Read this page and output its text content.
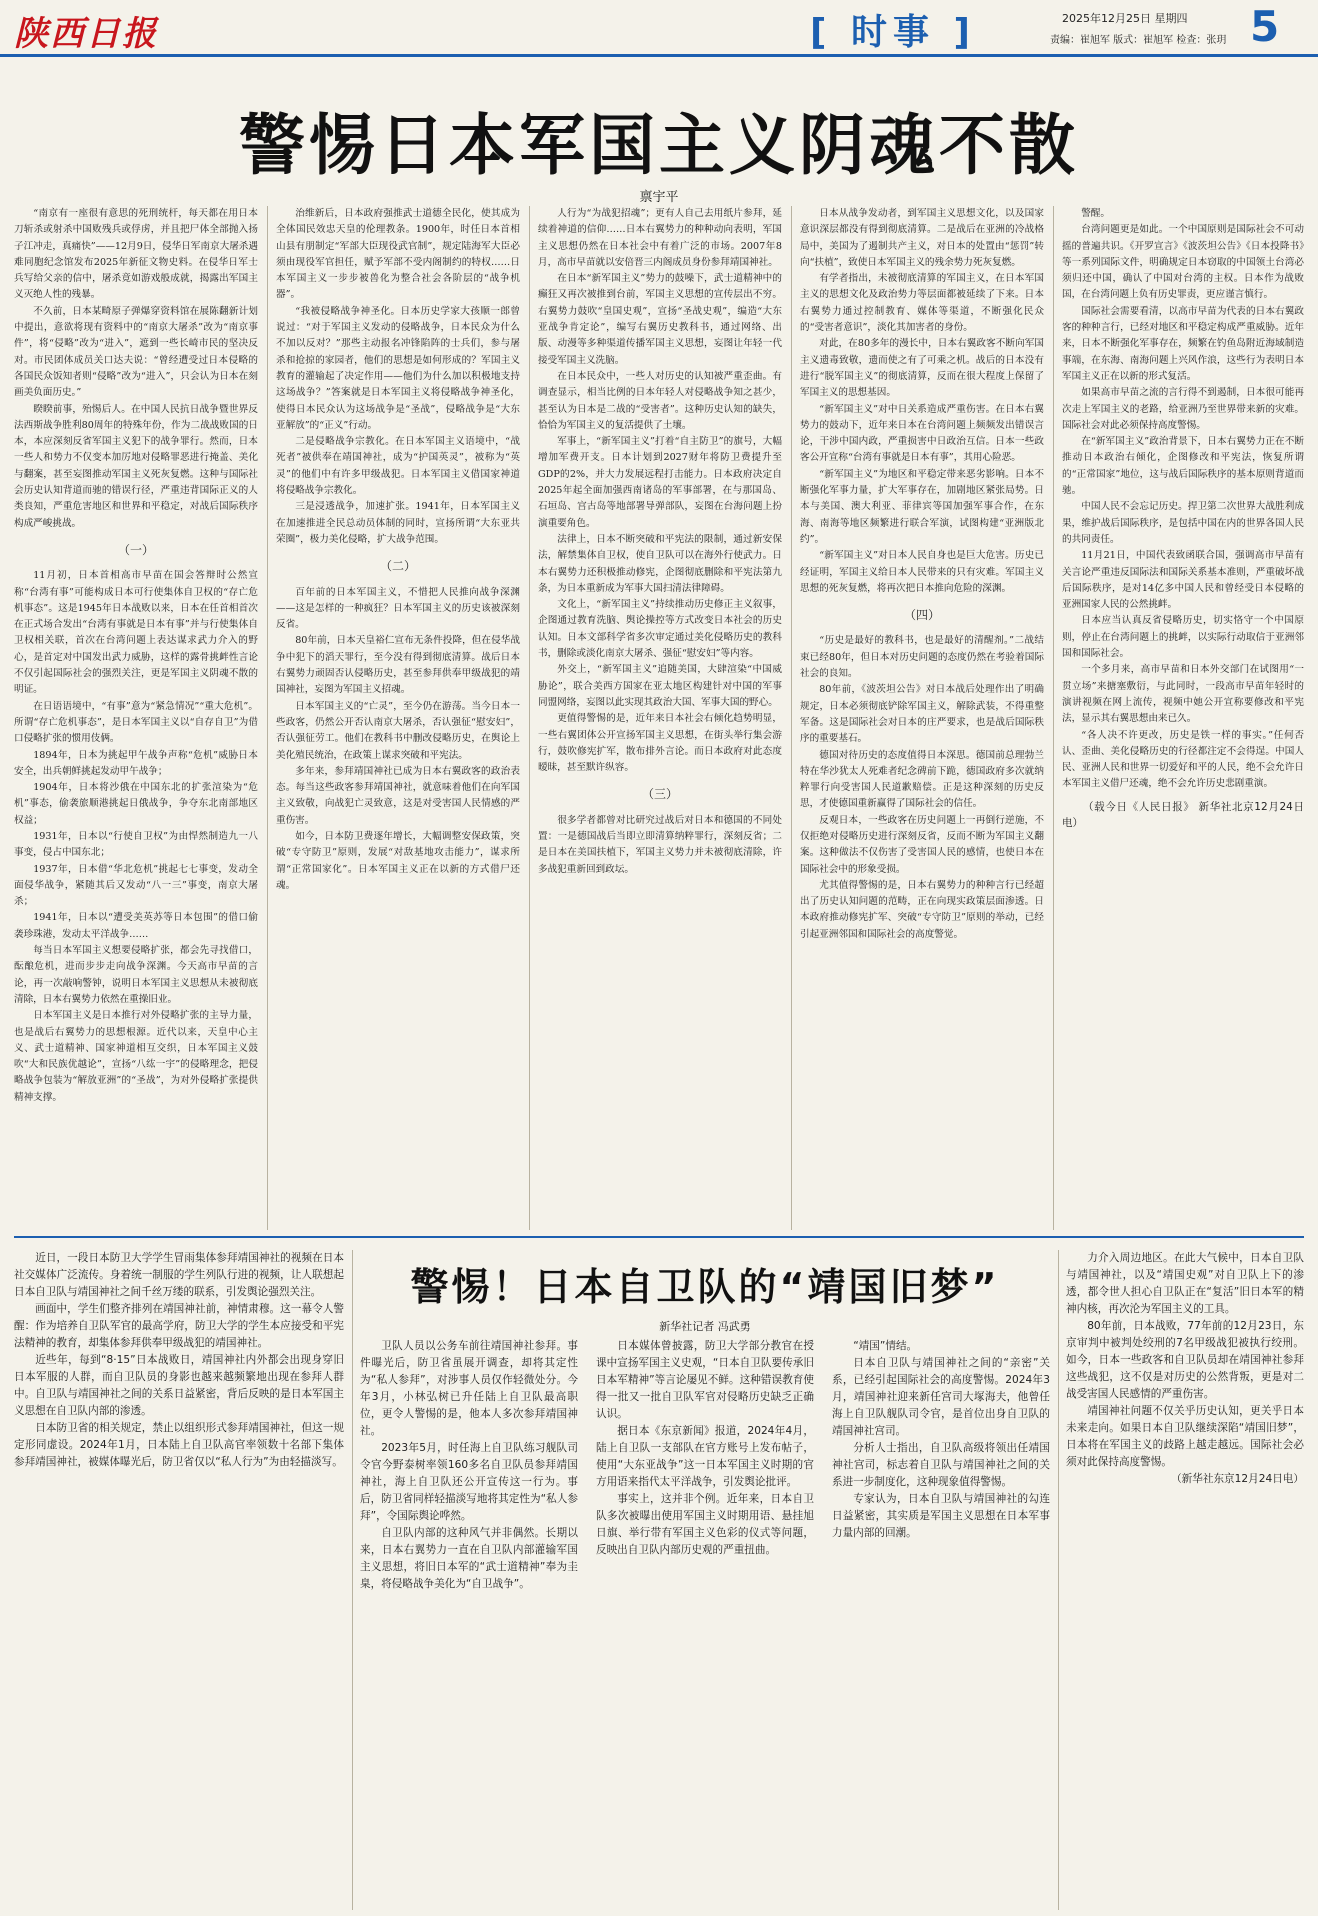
陕西日报	[ 时事 ]	2025年12月25日 星期四
责编：崔旭军 版式：崔旭军 检查：张玥 5
警惕日本军国主义阴魂不散
禀宇平

“南京有一座很有意思的死刑统杆，每天都在用日本刀斩杀或射杀中国败残兵或俘虏，并且把尸体全部抛入扬子江冲走，真痛快”——12月9日，侵华日军南京大屠杀遇难同胞纪念馆发布2025年新征文物史料。在侵华日军士兵写给父亲的信中，屠杀竟如游戏般成就，揭露出军国主义灭绝人性的残暴。

不久前，日本某畸原子弹爆穿资料馆在展陈翻新计划中提出，意欲将现有资料中的“南京大屠杀”改为“南京事件”，将“侵略”改为“进入”，遮到一些长崎市民的坚决反对。市民团体成员关口达夫说：“曾经遭受过日本侵略的各国民众饭知者则“侵略”改为“进入”，只会认为日本在刻画美负面历史。”

睽睽前事，殆惕后人。在中国人民抗日战争暨世界反法西斯战争胜利80周年的特殊年份，作为二战战败国的日本，本应深刻反省军国主义犯下的战争罪行。然而，日本一些人和势力不仅变本加厉地对侵略罪恶进行掩盖、美化与翻案，甚至妄图推动军国主义死灰复燃。这种与国际社会历史认知背道而驰的错误行径，严重违背国际正义的人类良知，严重危害地区和世界和平稳定，对战后国际秩序构成严峻挑战。

（一）

11月初，日本首相高市早苗在国会答辩时公然宣称“台湾有事”可能构成日本可行使集体自卫权的“存亡危机事态”。这是1945年日本战败以来，日本在任首相首次在正式场合发出“台湾有事就是日本有事”并与行使集体自卫权相关联，首次在台湾问题上表达谋求武力介入的野心，是首定对中国发出武力威胁，这样的露骨挑衅性言论不仅引起国际社会的强烈关注，更是军国主义阴魂不散的明证。

在日语语境中，“有事”意为“紧急情况”“重大危机”。所谓“存亡危机事态”，是日本军国主义以“自存自卫”为借口侵略扩张的惯用伎俩。

1894年，日本为挑起甲午战争声称“危机”威胁日本安全，出兵朝鲜挑起发动甲午战争；

1904年，日本将沙俄在中国东北的扩张渲染为“危机”事态，偷袭旅顺港挑起日俄战争，争夺东北南部地区权益；

1931年，日本以“行使自卫权”为由悍然制造九一八事变，侵占中国东北；

1937年，日本借“华北危机”挑起七七事变，发动全面侵华战争，紧随其后又发动“八一三”事变，南京大屠杀；

1941年，日本以“遭受美英苏等日本包围”的借口偷袭珍珠港，发动太平洋战争……

每当日本军国主义想要侵略扩张，都会先寻找借口，酝酿危机，进而步步走向战争深渊。今天高市早苗的言论，再一次敲响警钟，说明日本军国主义思想从未被彻底清除，日本右翼势力依然在重操旧业。

日本军国主义是日本推行对外侵略扩张的主导力量，也是战后右翼势力的思想根源。近代以来，天皇中心主义、武士道精神、国家神道相互交织，日本军国主义鼓吹“大和民族优越论”，宣扬“八纮一宇”的侵略理念，把侵略战争包装为“解放亚洲”的“圣战”，为对外侵略扩张提供精神支撑。

治维新后，日本政府强推武士道德全民化，使其成为全体国民效忠天皇的伦理教条。1900年，时任日本首相山县有朋制定“军部大臣现役武官制”，规定陆海军大臣必须由现役军官担任，赋予军部不受内阁制约的特权……日本军国主义一步步被兽化为整合社会各阶层的“战争机器”。

“我被侵略战争神圣化。日本历史学家大孩顺一郎曾说过：“对于军国主义发动的侵略战争，日本民众为什么不加以反对？”那些主动报名冲锋陷阵的士兵们，参与屠杀和抢掠的家园者，他们的思想是如何形成的？军国主义教育的灌输起了决定作用——他们为什么加以积极地支持这场战争？”答案就是日本军国主义将侵略战争神圣化，使得日本民众认为这场战争是“圣战”，侵略战争是“大东亚解放”的“正义”行动。

二是侵略战争宗教化。在日本军国主义语境中，“战死者”被供奉在靖国神社，成为“护国英灵”，被称为“英灵”的他们中有许多甲级战犯。日本军国主义借国家神道将侵略战争宗教化。

三是浸透战争，加速扩张。1941年，日本军国主义在加速推进全民总动员体制的同时，宣扬所谓“大东亚共荣圈”，极力美化侵略，扩大战争范围。

（二）

百年前的日本军国主义，不惜把人民推向战争深渊——这是怎样的一种疯狂？日本军国主义的历史该被深刻反省。

80年前，日本天皇裕仁宣布无条件投降，但在侵华战争中犯下的滔天罪行，至今没有得到彻底清算。战后日本右翼势力顽固否认侵略历史，甚至参拜供奉甲级战犯的靖国神社，妄图为军国主义招魂。

日本军国主义的“亡灵”，至今仍在游荡。当今日本一些政客，仍然公开否认南京大屠杀，否认强征“慰安妇”，否认强征劳工。他们在教科书中删改侵略历史，在舆论上美化殖民统治，在政策上谋求突破和平宪法。

多年来，参拜靖国神社已成为日本右翼政客的政治表态。每当这些政客参拜靖国神社，就意味着他们在向军国主义致敬，向战犯亡灵致意，这是对受害国人民情感的严重伤害。

如今，日本防卫费逐年增长，大幅调整安保政策，突破“专守防卫”原则，发展“对敌基地攻击能力”，谋求所谓“正常国家化”。日本军国主义正在以新的方式借尸还魂。

人行为“为战犯招魂”；更有人自己去用纸片参拜，延续着神道的信仰……日本右翼势力的种种动向表明，军国主义思想仍然在日本社会中有着广泛的市场。2007年8月，高市早苗就以安倍晋三内阁成员身份参拜靖国神社。

在日本“新军国主义”势力的鼓噪下，武士道精神中的癫狂又再次被推到台前，军国主义思想的宣传层出不穷。右翼势力鼓吹“皇国史观”，宣扬“圣战史观”，编造“大东亚战争肯定论”，编写右翼历史教科书，通过网络、出版、动漫等多种渠道传播军国主义思想，妄图让年轻一代接受军国主义洗脑。

在日本民众中，一些人对历史的认知被严重歪曲。有调查显示，相当比例的日本年轻人对侵略战争知之甚少，甚至认为日本是二战的“受害者”。这种历史认知的缺失，恰恰为军国主义的复活提供了土壤。

军事上，“新军国主义”打着“自主防卫”的旗号，大幅增加军费开支。日本计划到2027财年将防卫费提升至GDP的2%，并大力发展远程打击能力。日本政府决定自2025年起全面加强西南诸岛的军事部署，在与那国岛、石垣岛、宫古岛等地部署导弹部队，妄图在台海问题上扮演重要角色。

法律上，日本不断突破和平宪法的限制，通过新安保法，解禁集体自卫权，使自卫队可以在海外行使武力。日本右翼势力还积极推动修宪，企图彻底删除和平宪法第九条，为日本重新成为军事大国扫清法律障碍。

文化上，“新军国主义”持续推动历史修正主义叙事，企图通过教育洗脑、舆论操控等方式改变日本社会的历史认知。日本文部科学省多次审定通过美化侵略历史的教科书，删除或淡化南京大屠杀、强征“慰安妇”等内容。

外交上，“新军国主义”追随美国，大肆渲染“中国威胁论”，联合美西方国家在亚太地区构建针对中国的军事同盟网络，妄图以此实现其政治大国、军事大国的野心。

更值得警惕的是，近年来日本社会右倾化趋势明显，一些右翼团体公开宣扬军国主义思想，在街头举行集会游行，鼓吹修宪扩军，散布排外言论。而日本政府对此态度暧昧，甚至默许纵容。

（三）

很多学者都曾对比研究过战后对日本和德国的不同处置：一是德国战后当即立即清算纳粹罪行，深刻反省；二是日本在美国扶植下，军国主义势力并未被彻底清除，许多战犯重新回到政坛。

日本从战争发动者，到军国主义思想文化，以及国家意识深层都没有得到彻底清算。二是战后在亚洲的冷战格局中，美国为了遏制共产主义，对日本的处置由“惩罚”转向“扶植”，致使日本军国主义的残余势力死灰复燃。

有学者指出，未被彻底清算的军国主义，在日本军国主义的思想文化及政治势力等层面都被延续了下来。日本右翼势力通过控制教育、媒体等渠道，不断强化民众的“受害者意识”，淡化其加害者的身份。

对此，在80多年的漫长中，日本右翼政客不断向军国主义遗毒致敬，遗而使之有了可乘之机。战后的日本没有进行“脱军国主义”的彻底清算，反而在很大程度上保留了军国主义的思想基因。

“新军国主义”对中日关系造成严重伤害。在日本右翼势力的鼓动下，近年来日本在台湾问题上频频发出错误言论，干涉中国内政，严重损害中日政治互信。日本一些政客公开宣称“台湾有事就是日本有事”，其用心险恶。

“新军国主义”为地区和平稳定带来恶劣影响。日本不断强化军事力量，扩大军事存在，加剧地区紧张局势。日本与美国、澳大利亚、菲律宾等国加强军事合作，在东海、南海等地区频繁进行联合军演，试图构建“亚洲版北约”。

“新军国主义”对日本人民自身也是巨大危害。历史已经证明，军国主义给日本人民带来的只有灾难。军国主义思想的死灰复燃，将再次把日本推向危险的深渊。

（四）

“历史是最好的教科书，也是最好的清醒剂。”二战结束已经80年，但日本对历史问题的态度仍然在考验着国际社会的良知。

80年前，《波茨坦公告》对日本战后处理作出了明确规定，日本必须彻底铲除军国主义，解除武装，不得重整军备。这是国际社会对日本的庄严要求，也是战后国际秩序的重要基石。

德国对待历史的态度值得日本深思。德国前总理勃兰特在华沙犹太人死难者纪念碑前下跪，德国政府多次就纳粹罪行向受害国人民道歉赔偿。正是这种深刻的历史反思，才使德国重新赢得了国际社会的信任。

反观日本，一些政客在历史问题上一再倒行逆施，不仅拒绝对侵略历史进行深刻反省，反而不断为军国主义翻案。这种做法不仅伤害了受害国人民的感情，也使日本在国际社会中的形象受损。

尤其值得警惕的是，日本右翼势力的种种言行已经超出了历史认知问题的范畴，正在向现实政策层面渗透。日本政府推动修宪扩军、突破“专守防卫”原则的举动，已经引起亚洲邻国和国际社会的高度警觉。

警醒。

台湾问题更是如此。一个中国原则是国际社会不可动摇的普遍共识。《开罗宣言》《波茨坦公告》《日本投降书》等一系列国际文件，明确规定日本窃取的中国领土台湾必须归还中国，确认了中国对台湾的主权。日本作为战败国，在台湾问题上负有历史罪责，更应谨言慎行。

国际社会需要看清，以高市早苗为代表的日本右翼政客的种种言行，已经对地区和平稳定构成严重威胁。近年来，日本不断强化军事存在，频繁在钓鱼岛附近海域制造事端，在东海、南海问题上兴风作浪，这些行为表明日本军国主义正在以新的形式复活。

如果高市早苗之流的言行得不到遏制，日本很可能再次走上军国主义的老路，给亚洲乃至世界带来新的灾难。国际社会对此必须保持高度警惕。

在“新军国主义”政治背景下，日本右翼势力正在不断推动日本政治右倾化，企图修改和平宪法，恢复所谓的“正常国家”地位，这与战后国际秩序的基本原则背道而驰。

中国人民不会忘记历史。捍卫第二次世界大战胜利成果，维护战后国际秩序，是包括中国在内的世界各国人民的共同责任。

11月21日，中国代表致函联合国，强调高市早苗有关言论严重违反国际法和国际关系基本准则，严重破坏战后国际秩序，是对14亿多中国人民和曾经受日本侵略的亚洲国家人民的公然挑衅。

日本应当认真反省侵略历史，切实恪守一个中国原则，停止在台湾问题上的挑衅，以实际行动取信于亚洲邻国和国际社会。

一个多月来，高市早苗和日本外交部门在试图用“一贯立场”来搪塞敷衍，与此同时，一段高市早苗年轻时的演讲视频在网上流传，视频中她公开宣称要修改和平宪法，显示其右翼思想由来已久。

“各人决不许更改，历史是铁一样的事实。”任何否认、歪曲、美化侵略历史的行径都注定不会得逞。中国人民、亚洲人民和世界一切爱好和平的人民，绝不会允许日本军国主义借尸还魂，绝不会允许历史悲剧重演。

（载今日《人民日报》 新华社北京12月24日电）

近日，一段日本防卫大学学生冒雨集体参拜靖国神社的视频在日本社交媒体广泛流传。身着统一制服的学生列队行进的视频，让人联想起日本自卫队与靖国神社之间千丝万缕的联系，引发舆论强烈关注。

画面中，学生们整齐排列在靖国神社前，神情肃穆。这一幕令人警醒：作为培养自卫队军官的最高学府，防卫大学的学生本应接受和平宪法精神的教育，却集体参拜供奉甲级战犯的靖国神社。

近些年，每到“8·15”日本战败日，靖国神社内外都会出现身穿旧日本军服的人群，而自卫队员的身影也越来越频繁地出现在参拜人群中。自卫队与靖国神社之间的关系日益紧密，背后反映的是日本军国主义思想在自卫队内部的渗透。

日本防卫省的相关规定，禁止以组织形式参拜靖国神社，但这一规定形同虚设。2024年1月，日本陆上自卫队高官率领数十名部下集体参拜靖国神社，被媒体曝光后，防卫省仅以“私人行为”为由轻描淡写。

警惕！日本自卫队的“靖国旧梦”
新华社记者 冯武勇

卫队人员以公务车前往靖国神社参拜。事件曝光后，防卫省虽展开调查，却将其定性为“私人参拜”，对涉事人员仅作轻微处分。今年3月，小林弘树已升任陆上自卫队最高职位，更令人警惕的是，他本人多次参拜靖国神社。

2023年5月，时任海上自卫队练习舰队司令官今野泰树率领160多名自卫队员参拜靖国神社，海上自卫队还公开宣传这一行为。事后，防卫省同样轻描淡写地将其定性为“私人参拜”，令国际舆论哗然。

自卫队内部的这种风气并非偶然。长期以来，日本右翼势力一直在自卫队内部灌输军国主义思想，将旧日本军的“武士道精神”奉为圭臬，将侵略战争美化为“自卫战争”。

日本媒体曾披露，防卫大学部分教官在授课中宣扬军国主义史观，“日本自卫队要传承旧日本军精神”等言论屡见不鲜。这种错误教育使得一批又一批自卫队军官对侵略历史缺乏正确认识。

据日本《东京新闻》报道，2024年4月，陆上自卫队一支部队在官方账号上发布帖子，使用“大东亚战争”这一日本军国主义时期的官方用语来指代太平洋战争，引发舆论批评。

事实上，这并非个例。近年来，日本自卫队多次被曝出使用军国主义时期用语、悬挂旭日旗、举行带有军国主义色彩的仪式等问题，反映出自卫队内部历史观的严重扭曲。

“靖国”情结。

日本自卫队与靖国神社之间的“亲密”关系，已经引起国际社会的高度警惕。2024年3月，靖国神社迎来新任宫司大塚海夫，他曾任海上自卫队舰队司令官，是首位出身自卫队的靖国神社宫司。

分析人士指出，自卫队高级将领出任靖国神社宫司，标志着自卫队与靖国神社之间的关系进一步制度化，这种现象值得警惕。

专家认为，日本自卫队与靖国神社的勾连日益紧密，其实质是军国主义思想在日本军事力量内部的回潮。

力介入周边地区。在此大气候中，日本自卫队与靖国神社，以及“靖国史观”对自卫队上下的渗透，都令世人担心自卫队正在“复活”旧日本军的精神内核，再次沦为军国主义的工具。

80年前，日本战败，77年前的12月23日，东京审判中被判处绞刑的7名甲级战犯被执行绞刑。如今，日本一些政客和自卫队员却在靖国神社参拜这些战犯，这不仅是对历史的公然背叛，更是对二战受害国人民感情的严重伤害。

靖国神社问题不仅关乎历史认知，更关乎日本未来走向。如果日本自卫队继续深陷“靖国旧梦”，日本将在军国主义的歧路上越走越远。国际社会必须对此保持高度警惕。

（新华社东京12月24日电）
